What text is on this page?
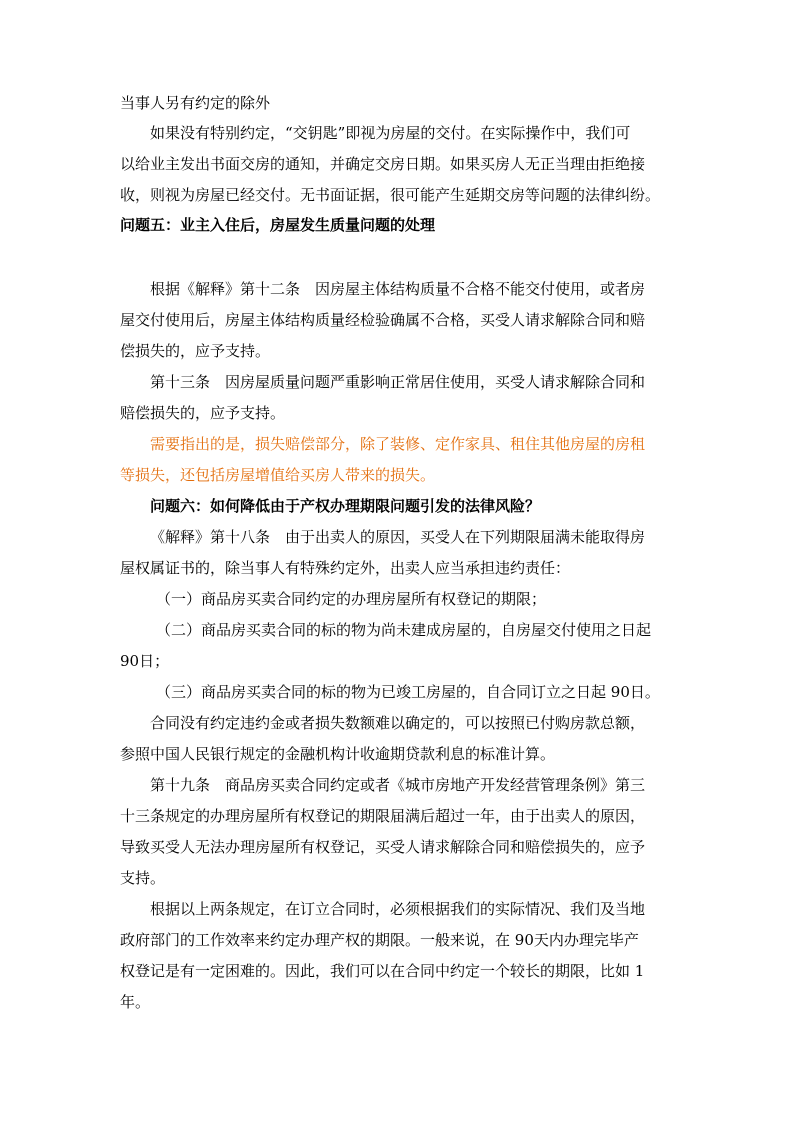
当事人另有约定的除外
如果没有特别约定，“交钥匙”即视为房屋的交付。在实际操作中，我们可
以给业主发出书面交房的通知，并确定交房日期。如果买房人无正当理由拒绝接
收，则视为房屋已经交付。无书面证据，很可能产生延期交房等问题的法律纠纷。
问题五：业主入住后，房屋发生质量问题的处理
根据《解释》第十二条　因房屋主体结构质量不合格不能交付使用，或者房
屋交付使用后，房屋主体结构质量经检验确属不合格，买受人请求解除合同和赔
偿损失的，应予支持。
第十三条　因房屋质量问题严重影响正常居住使用，买受人请求解除合同和
赔偿损失的，应予支持。
需要指出的是，损失赔偿部分，除了装修、定作家具、租住其他房屋的房租
等损失，还包括房屋增值给买房人带来的损失。
问题六：如何降低由于产权办理期限问题引发的法律风险？
《解释》第十八条　由于出卖人的原因，买受人在下列期限届满未能取得房
屋权属证书的，除当事人有特殊约定外，出卖人应当承担违约责任：
（一）商品房买卖合同约定的办理房屋所有权登记的期限；
（二）商品房买卖合同的标的物为尚未建成房屋的，自房屋交付使用之日起
90日；
（三）商品房买卖合同的标的物为已竣工房屋的，自合同订立之日起 90日。
合同没有约定违约金或者损失数额难以确定的，可以按照已付购房款总额，
参照中国人民银行规定的金融机构计收逾期贷款利息的标准计算。
第十九条　商品房买卖合同约定或者《城市房地产开发经营管理条例》第三
十三条规定的办理房屋所有权登记的期限届满后超过一年，由于出卖人的原因，
导致买受人无法办理房屋所有权登记，买受人请求解除合同和赔偿损失的，应予
支持。
根据以上两条规定，在订立合同时，必须根据我们的实际情况、我们及当地
政府部门的工作效率来约定办理产权的期限。一般来说，在 90天内办理完毕产
权登记是有一定困难的。因此，我们可以在合同中约定一个较长的期限，比如 1
年。
